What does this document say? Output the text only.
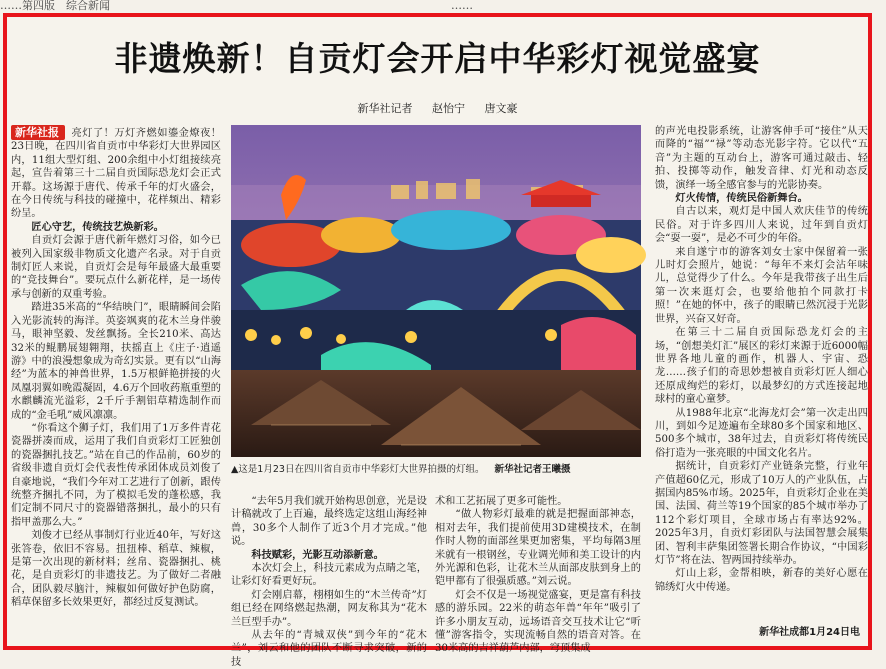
……第四版　综合新闻　　　　　　　　　　　　　　　　　　　　　　　　　　　　　　　……
非遗焕新！自贡灯会开启中华彩灯视觉盛宴
新华社记者 赵怡宁 唐文豪

新华社报 亮灯了！万灯齐燃如鎏金燎夜！　23日晚，在四川省自贡市中华彩灯大世界园区内，11组大型灯组、200余组中小灯组接续亮起，宣告着第三十二届自贡国际恐龙灯会正式开幕。这场源于唐代、传承千年的灯火盛会，在今日传统与科技的碰撞中，花样频出、精彩纷呈。

匠心守艺，传统技艺焕新彩。

自贡灯会源于唐代新年燃灯习俗，如今已被列入国家级非物质文化遗产名录。对于自贡制灯匠人来说，自贡灯会是每年最盛大最重要的“竞技舞台”。要玩点什么新花样，是一场传承与创新的双重考验。

踏进35米高的“华结映门”，眼睛瞬间会陷入光影流转的海洋。英姿飒爽的花木兰身伴骏马，眼神坚毅、发丝飘扬。全长210米、高达32米的鲲鹏展翅翱翔，扶摇直上《庄子·逍遥游》中的浪漫想象成为奇幻实景。更有以“山海经”为蓝本的神兽世界，1.5万根鲜艳拼接的火凤凰羽翼如晚霞凝固，4.6万个回收药瓶重塑的水麒麟流光溢彩，2千斤手割铝草精选制作而成的“金毛吼”威风凛凛。

“你看这个狮子灯，我们用了1万多件青花瓷器拼凑而成，运用了我们自贡彩灯工匠独创的瓷器捆扎技艺。”站在自己的作品前，60岁的省级非遗自贡灯会代表性传承团体成员刘俊了自豪地说，“我们今年对工艺进行了创新，跟传统整齐捆扎不同，为了模拟毛发的蓬松感，我们定制不同尺寸的瓷器错落捆扎，最小的只有指甲盖那么大。”

刘俊才已经从事制灯行业近40年，写好这张答卷，依旧不容易。扭扭棒、稻草、辣椒，是第一次出现的新材料；丝帛、瓷器捆扎、桃花，是自贡彩灯的非遗技艺。为了做好二者融合，团队毅尽脑汁，辣椒如何做好护色防腐，稻草保留多长效果更好，都经过反复测试。

▲这是1月23日在四川省自贡市中华彩灯大世界拍摄的灯组。 新华社记者王曦摄

“去年5月我们就开始构思创意，光是设计稿就改了上百遍，最终选定这组山海经神兽，30多个人制作了近3个月才完成。”他说。

科技赋彩，光影互动添新意。

本次灯会上，科技元素成为点睛之笔，让彩灯好看更好玩。

灯会刚启幕，栩栩如生的“木兰传奇”灯组已经在网络燃起热潮，网友称其为“花木兰巨型手办”。

从去年的“青城双侠”到今年的“花木兰”，刘云和他的团队不断寻求突破，新的技

术和工艺拓展了更多可能性。

“做人物彩灯最难的就是把握面部神态，相对去年，我们提前使用3D建模技术，在制作时人物的面部丝果更加密集，平均每隔3厘米就有一根钢丝，专业调光师和美工设计的内外光源和色彩，让花木兰从面部皮肤到身上的铠甲都有了很强质感。”刘云说。

灯会不仅是一场视觉盛宴，更是富有科技感的游乐园。22米的萌态年兽“年年”吸引了许多小朋友互动，远场语音交互技术让它“听懂”游客指令，实现流畅自然的语音对答。在30米高的吉祥葫芦内部，穹顶集成

的声光电投影系统，让游客伸手可“接住”从天而降的“福”“禄”等动态光影字符。它以代“五音”为主题的互动台上，游客可通过敲击、轻拍、投掷等动作，触发音律、灯光和动态反馈，演绎一场全感官参与的光影协奏。

灯火传情，传统民俗新舞台。

自古以来，观灯是中国人欢庆佳节的传统民俗。对于许多四川人来说，过年到自贡灯会“耍一耍”，是必不可少的年俗。

来自遂宁市的游客刘女士家中保留着一张儿时灯会照片，她说：“每年不来灯会沾年味儿，总觉得少了什么。今年是我带孩子出生后第一次来逛灯会，也要给他拍个同款打卡照！”在她的怀中，孩子的眼睛已然沉浸于光影世界，兴奋又好奇。

在第三十二届自贡国际恐龙灯会的主场，“创想美灯汇”展区的彩灯来源于近6000幅世界各地儿童的画作，机器人、宇宙、恐龙……孩子们的奇思妙想被自贡彩灯匠人细心还原成绚烂的彩灯，以最梦幻的方式连接起地球村的童心童梦。

从1988年北京“北海龙灯会”第一次走出四川，到如今足迹遍布全球80多个国家和地区、500多个城市，38年过去，自贡彩灯将传统民俗打造为一张亮眼的中国文化名片。

据统计，自贡彩灯产业链条完整，行业年产值超60亿元，形成了10万人的产业队伍，占据国内85%市场。2025年，自贡彩灯企业在美国、法国、荷兰等19个国家的85个城市举办了112个彩灯项目，全球市场占有率达92%。2025年3月，自贡灯彩团队与法国智慧会展集团、智利丰萨集团签署长期合作协议，“中国彩灯节”将在法、智两国持续举办。

灯山上彩，金帮相映，新春的美好心愿在锦绣灯火中传递。

新华社成都1月24日电
